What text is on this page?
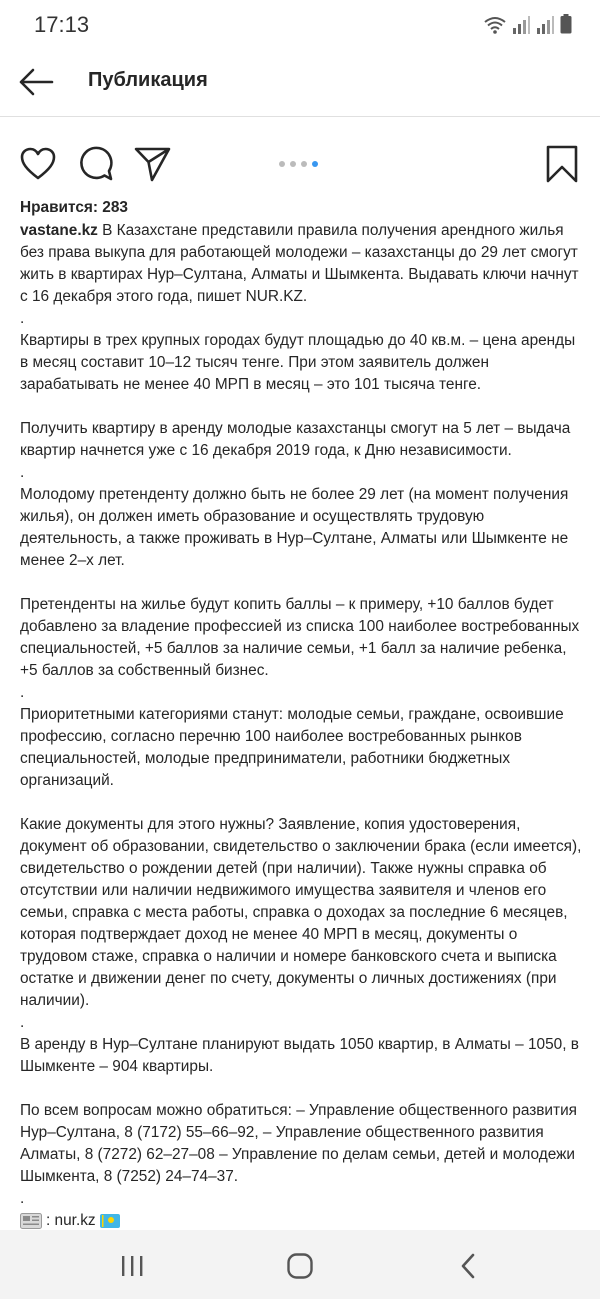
17:13
Публикация
Нравится: 283

vastane.kz В Казахстане представили правила получения арендного жилья без права выкупа для работающей молодежи – казахстанцы до 29 лет смогут жить в квартирах Нур–Султана, Алматы и Шымкента. Выдавать ключи начнут с 16 декабря этого года, пишет NUR.KZ.

.

Квартиры в трех крупных городах будут площадью до 40 кв.м. – цена аренды в месяц составит 10–12 тысяч тенге. При этом заявитель должен зарабатывать не менее 40 МРП в месяц – это 101 тысяча тенге.

Получить квартиру в аренду молодые казахстанцы смогут на 5 лет – выдача квартир начнется уже с 16 декабря 2019 года, к Дню независимости.

.

Молодому претенденту должно быть не более 29 лет (на момент получения жилья), он должен иметь образование и осуществлять трудовую деятельность, а также проживать в Нур–Султане, Алматы или Шымкенте не менее 2–х лет.

Претенденты на жилье будут копить баллы – к примеру, +10 баллов будет добавлено за владение профессией из списка 100 наиболее востребованных специальностей, +5 баллов за наличие семьи, +1 балл за наличие ребенка, +5 баллов за собственный бизнес.

.

Приоритетными категориями станут: молодые семьи, граждане, освоившие профессию, согласно перечню 100 наиболее востребованных рынков специальностей, молодые предприниматели, работники бюджетных организаций.

Какие документы для этого нужны? Заявление, копия удостоверения, документ об образовании, свидетельство о заключении брака (если имеется), свидетельство о рождении детей (при наличии). Также нужны справка об отсутствии или наличии недвижимого имущества заявителя и членов его семьи, справка с места работы, справка о доходах за последние 6 месяцев, которая подтверждает доход не менее 40 МРП в месяц, документы о трудовом стаже, справка о наличии и номере банковского счета и выписка остатке и движении денег по счету, документы о личных достижениях (при наличии).

.

В аренду в Нур–Султане планируют выдать 1050 квартир, в Алматы – 1050, в Шымкенте – 904 квартиры.

По всем вопросам можно обратиться: – Управление общественного развития Нур–Султана, 8 (7172) 55–66–92, – Управление общественного развития Алматы, 8 (7272) 62–27–08 – Управление по делам семьи, детей и молодежи Шымкента, 8 (7252) 24–74–37.

.

: nur.kz
